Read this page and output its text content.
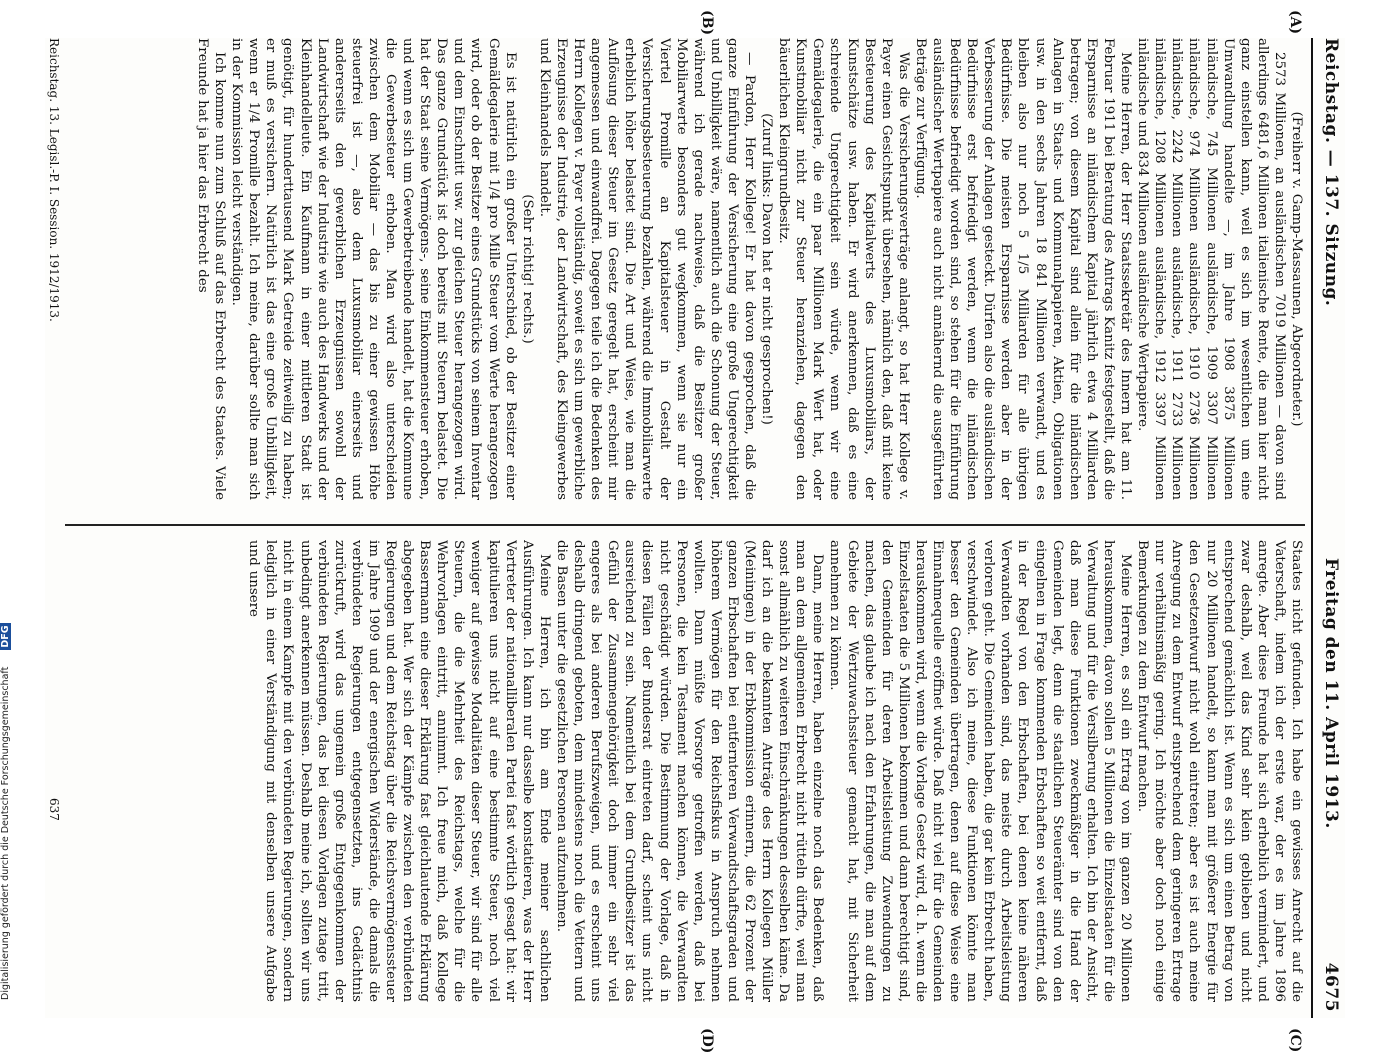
Digitalisierung gefördert durch die Deutsche Forschungsgemeinschaft DFG
Reichstag. — 137. Sitzung.
Freitag den 11. April 1913.
4675
(A)
(B)
(C)
(D)

(Freiherr v. Gamp-Massaunen, Abgeordneter.)

2573 Millionen, an ausländischen 7019 Millionen — davon sind allerdings 6481,6 Millionen italienische Rente, die man hier nicht ganz einstellen kann, weil es sich im wesentlichen um eine Umwandlung handelte —, im Jahre 1908 3875 Millionen inländische, 745 Millionen ausländische, 1909 3307 Millionen inländische, 974 Millionen ausländische, 1910 2736 Millionen inländische, 2242 Millionen ausländische, 1911 2733 Millionen inländische, 1208 Millionen ausländische, 1912 3397 Millionen inländische und 834 Millionen ausländische Wertpapiere.

Meine Herren, der Herr Staatssekretär des Innern hat am 11. Februar 1911 bei Beratung des Antrags Kanitz festgestellt, daß die Ersparnisse an inländischem Kapital jährlich etwa 4 Milliarden betragen; von diesem Kapital sind allein für die inländischen Anlagen in Staats- und Kommunalpapieren, Aktien, Obligationen usw. in den sechs Jahren 18 841 Millionen verwandt, und es bleiben also nur noch 5 1/5 Milliarden für alle übrigen Bedürfnisse. Die meisten Ersparnisse werden aber in der Verbesserung der Anlagen gesteckt. Dürfen also die ausländischen Bedürfnisse erst befriedigt werden, wenn die inländischen Bedürfnisse befriedigt worden sind, so stehen für die Einführung ausländischer Wertpapiere auch nicht annähernd die ausgeführten Beträge zur Verfügung.

Was die Versicherungsverträge anlangt, so hat Herr Kollege v. Payer einen Gesichtspunkt übersehen, nämlich den, daß mit keine Besteuerung des Kapitalwerts des Luxusmobiliars, der Kunstschätze usw. haben. Er wird anerkennen, daß es eine schreiende Ungerechtigkeit sein würde, wenn wir eine Gemäldegalerie, die ein paar Millionen Mark Wert hat, oder Kunstmobiliar nicht zur Steuer heranziehen, dagegen den bäuerlichen Kleingrundbesitz.

(Zuruf links: Davon hat er nicht gesprochen!)

— Pardon, Herr Kollege! Er hat davon gesprochen, daß die ganze Einführung der Versicherung eine große Ungerechtigkeit und Unbilligkeit wäre, namentlich auch die Schonung der Steuer, während ich gerade nachweise, daß die Besitzer großer Mobiliarwerte besonders gut wegkommen, wenn sie nur ein Viertel Promille an Kapitalsteuer in Gestalt der Versicherungsbesteuerung bezahlen, während die Immobiliarwerte erheblich höher belastet sind. Die Art und Weise, wie man die Auflösung dieser Steuer im Gesetz geregelt hat, erscheint mir angemessen und einwandfrei. Dagegen teile ich die Bedenken des Herrn Kollegen v. Payer vollständig, soweit es sich um gewerbliche Erzeugnisse der Industrie, der Landwirtschaft, des Kleingewerbes und Kleinhandels handelt.

(Sehr richtig! rechts.)

Es ist natürlich ein großer Unterschied, ob der Besitzer einer Gemäldegalerie mit 1/4 pro Mille Steuer vom Werte herangezogen wird, oder ob der Besitzer eines Grundstücks von seinem Inventar und dem Einschnitt usw. zur gleichen Steuer herangezogen wird. Das ganze Grundstück ist doch bereits mit Steuern belastet. Die hat der Staat seine Vermögens-, seine Einkommensteuer erhoben, und wenn es sich um Gewerbetreibende handelt, hat die Kommune die Gewerbesteuer erhoben. Man wird also unterscheiden zwischen dem Mobiliar — das bis zu einer gewissen Höhe steuerfrei ist —, also dem Luxusmobiliar einerseits und andererseits den gewerblichen Erzeugnissen sowohl der Landwirtschaft wie der Industrie wie auch des Handwerks und der Kleinhandelleute. Ein Kaufmann in einer mittleren Stadt ist genötigt, für hunderttausend Mark Getreide zeitweilig zu haben; er muß es versichern. Natürlich ist das eine große Unbilligkeit, wenn er 1/4 Promille bezahlt. Ich meine, darüber sollte man sich in der Kommission leicht verständigen.

Ich komme nun zum Schluß auf das Erbrecht des Staates. Viele Freunde hat ja hier das Erbrecht des

Staates nicht gefunden. Ich habe ein gewisses Anrecht auf die Vaterschaft, indem ich der erste war, der es im Jahre 1896 anregte. Aber diese Freunde hat sich erheblich vermindert, und zwar deshalb, weil das Kind sehr klein geblieben und nicht entsprechend gemächlich ist. Wenn es sich um einen Betrag von nur 20 Millionen handelt, so kann man mit größerer Energie für den Gesetzentwurf nicht wohl eintreten; aber es ist auch meine Anregung zu dem Entwurf entsprechend dem geringeren Ertrage nur verhältnismäßig gering. Ich möchte aber doch noch einige Bemerkungen zu dem Entwurf machen.

Meine Herren, es soll ein Ertrag von im ganzen 20 Millionen herauskommen, davon sollen 5 Millionen die Einzelstaaten für die Verwaltung und für die Versilberung erhalten. Ich bin der Ansicht, daß man diese Funktionen zweckmäßiger in die Hand der Gemeinden legt, denn die staatlichen Steuerämter sind von den eingelnen in Frage kommenden Erbschaften so weit entfernt, daß in der Regel von den Erbschaften, bei denen keine näheren Verwandten vorhanden sind, das meiste durch Arbeitsleistung verloren geht. Die Gemeinden haben, die gar kein Erbrecht haben, verschwindet. Also ich meine, diese Funktionen könnte man besser den Gemeinden übertragen, denen auf diese Weise eine Einnahmequelle eröffnet würde. Daß nicht viel für die Gemeinden herauskommen wird, wenn die Vorlage Gesetz wird, d. h. wenn die Einzelstaaten die 5 Millionen bekommen und dann berechtigt sind, den Gemeinden für deren Arbeitsleistung Zuwendungen zu machen, das glaube ich nach den Erfahrungen, die man auf dem Gebiete der Wertzuwachssteuer gemacht hat, mit Sicherheit annehmen zu können.

Dann, meine Herren, haben einzelne noch das Bedenken, daß man an dem allgemeinen Erbrecht nicht rütteln dürfte, weil man sonst allmählich zu weiteren Einschränkungen desselben käme. Da darf ich an die bekannten Anträge des Herrn Kollegen Müller (Meiningen) in der Erbkommission erinnern, die 62 Prozent der ganzen Erbschaften bei entfernteren Verwandtschaftsgraden und höherem Vermögen für den Reichsfiskus in Anspruch nehmen wollten. Dann müßte Vorsorge getroffen werden, daß bei Personen, die kein Testament machen können, die Verwandten nicht geschädigt würden. Die Bestimmung der Vorlage, daß in diesen Fällen der Bundesrat eintreten darf, scheint uns nicht ausreichend zu sein. Namentlich bei dem Grundbesitzer ist das Gefühl der Zusammengehörigkeit doch immer ein sehr viel engeres als bei anderen Berufszweigen, und es erscheint uns deshalb dringend geboten, dem mindestens noch die Vettern und die Basen unter die gesetzlichen Personen aufzunehmen.

Meine Herren, ich bin am Ende meiner sachlichen Ausführungen. Ich kann nur dasselbe konstatieren, was der Herr Vertreter der nationalliberalen Partei fast wörtlich gesagt hat: wir kapitulieren uns nicht auf eine bestimmte Steuer, noch viel weniger auf gewisse Modalitäten dieser Steuer, wir sind für alle Steuern, die die Mehrheit des Reichstags, welche für die Wehrvorlagen eintritt, annimmt. Ich freue mich, daß Kollege Bassermann eine dieser Erklärung fast gleichlautende Erklärung abgegeben hat. Wer sich der Kämpfe zwischen den verbündeten Regierungen und dem Reichstag über die Reichsvermögenssteuer im Jahre 1909 und der energischen Widerstände, die damals die verbündeten Regierungen entgegensetzten, ins Gedächtnis zurückruft, wird das ungemein große Entgegenkommen der verbündeten Regierungen, das bei diesen Vorlagen zutage tritt, unbedingt anerkennen müssen. Deshalb meine ich, sollten wir uns nicht in einem Kampfe mit den verbündeten Regierungen, sondern lediglich in einer Verständigung mit denselben unsere Aufgabe und unsere

Reichstag. 13. Legisl.-P. I. Session. 1912/1913.
637
